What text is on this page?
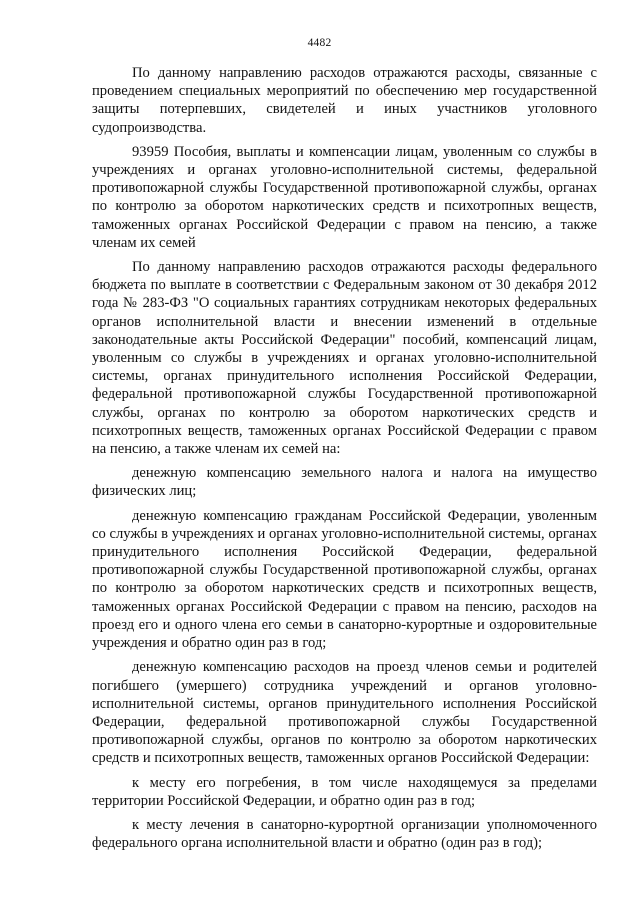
4482

По данному направлению расходов отражаются расходы, связанные с проведением специальных мероприятий по обеспечению мер государственной защиты потерпевших, свидетелей и иных участников уголовного судопроизводства.

93959 Пособия, выплаты и компенсации лицам, уволенным со службы в учреждениях и органах уголовно-исполнительной системы, федеральной противопожарной службы Государственной противопожарной службы, органах по контролю за оборотом наркотических средств и психотропных веществ, таможенных органах Российской Федерации с правом на пенсию, а также членам их семей

По данному направлению расходов отражаются расходы федерального бюджета по выплате в соответствии с Федеральным законом от 30 декабря 2012 года № 283-ФЗ "О социальных гарантиях сотрудникам некоторых федеральных органов исполнительной власти и внесении изменений в отдельные законодательные акты Российской Федерации" пособий, компенсаций лицам, уволенным со службы в учреждениях и органах уголовно-исполнительной системы, органах принудительного исполнения Российской Федерации, федеральной противопожарной службы Государственной противопожарной службы, органах по контролю за оборотом наркотических средств и психотропных веществ, таможенных органах Российской Федерации с правом на пенсию, а также членам их семей на:

денежную компенсацию земельного налога и налога на имущество физических лиц;

денежную компенсацию гражданам Российской Федерации, уволенным со службы в учреждениях и органах уголовно-исполнительной системы, органах принудительного исполнения Российской Федерации, федеральной противопожарной службы Государственной противопожарной службы, органах по контролю за оборотом наркотических средств и психотропных веществ, таможенных органах Российской Федерации с правом на пенсию, расходов на проезд его и одного члена его семьи в санаторно-курортные и оздоровительные учреждения и обратно один раз в год;

денежную компенсацию расходов на проезд членов семьи и родителей погибшего (умершего) сотрудника учреждений и органов уголовно-исполнительной системы, органов принудительного исполнения Российской Федерации, федеральной противопожарной службы Государственной противопожарной службы, органов по контролю за оборотом наркотических средств и психотропных веществ, таможенных органов Российской Федерации:

к месту его погребения, в том числе находящемуся за пределами территории Российской Федерации, и обратно один раз в год;

к месту лечения в санаторно-курортной организации уполномоченного федерального органа исполнительной власти и обратно (один раз в год);
